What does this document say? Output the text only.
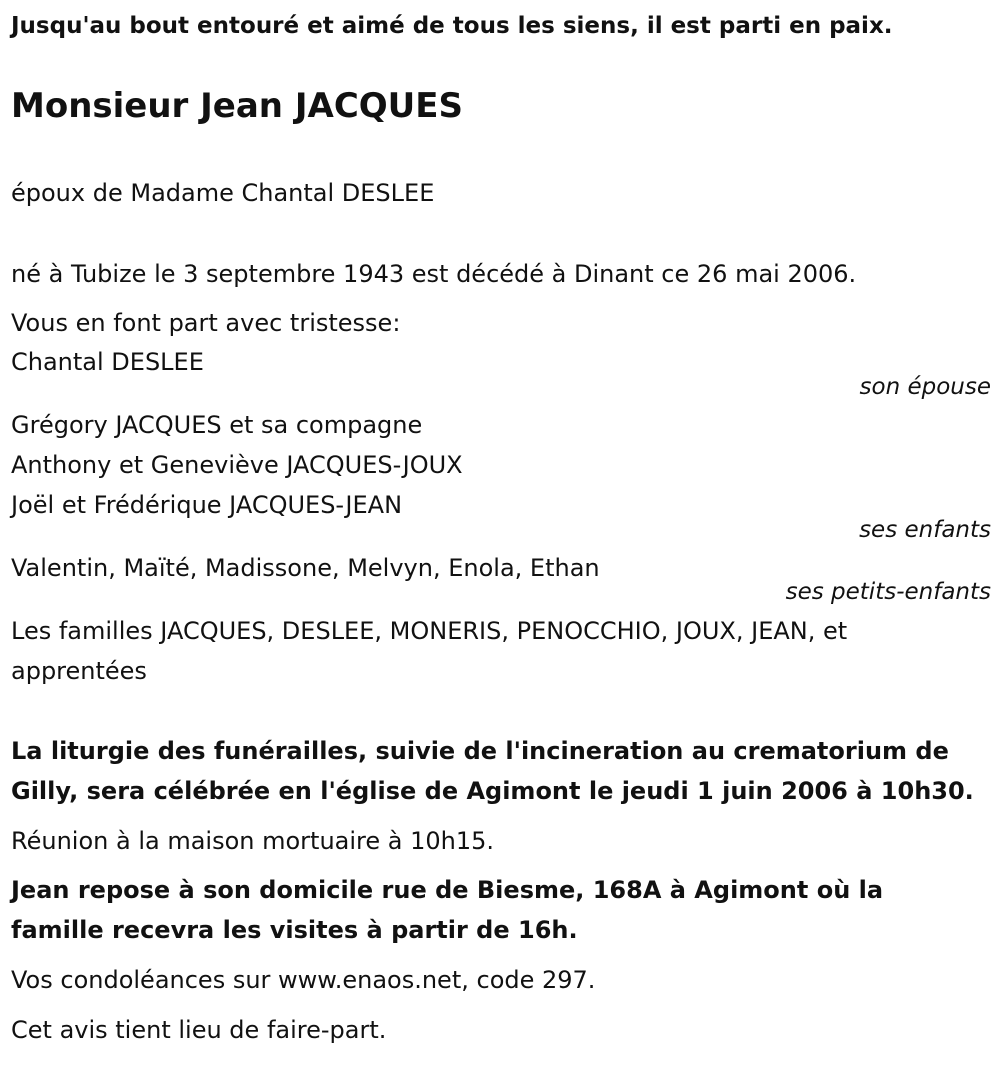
Jusqu'au bout entouré et aimé de tous les siens, il est parti en paix.
Monsieur Jean JACQUES
époux de Madame Chantal DESLEE
né à Tubize le 3 septembre 1943 est décédé à Dinant ce 26 mai 2006.
Vous en font part avec tristesse:
Chantal DESLEE
son épouse
Grégory JACQUES et sa compagne
Anthony et Geneviève JACQUES-JOUX
Joël et Frédérique JACQUES-JEAN
ses enfants
Valentin, Maïté, Madissone, Melvyn, Enola, Ethan
ses petits-enfants
Les familles JACQUES, DESLEE, MONERIS, PENOCCHIO, JOUX, JEAN, et
apprentées
La liturgie des funérailles, suivie de l'incineration au crematorium de
Gilly, sera célébrée en l'église de Agimont le jeudi 1 juin 2006 à 10h30.
Réunion à la maison mortuaire à 10h15.
Jean repose à son domicile rue de Biesme, 168A à Agimont où la
famille recevra les visites à partir de 16h.
Vos condoléances sur www.enaos.net, code 297.
Cet avis tient lieu de faire-part.
